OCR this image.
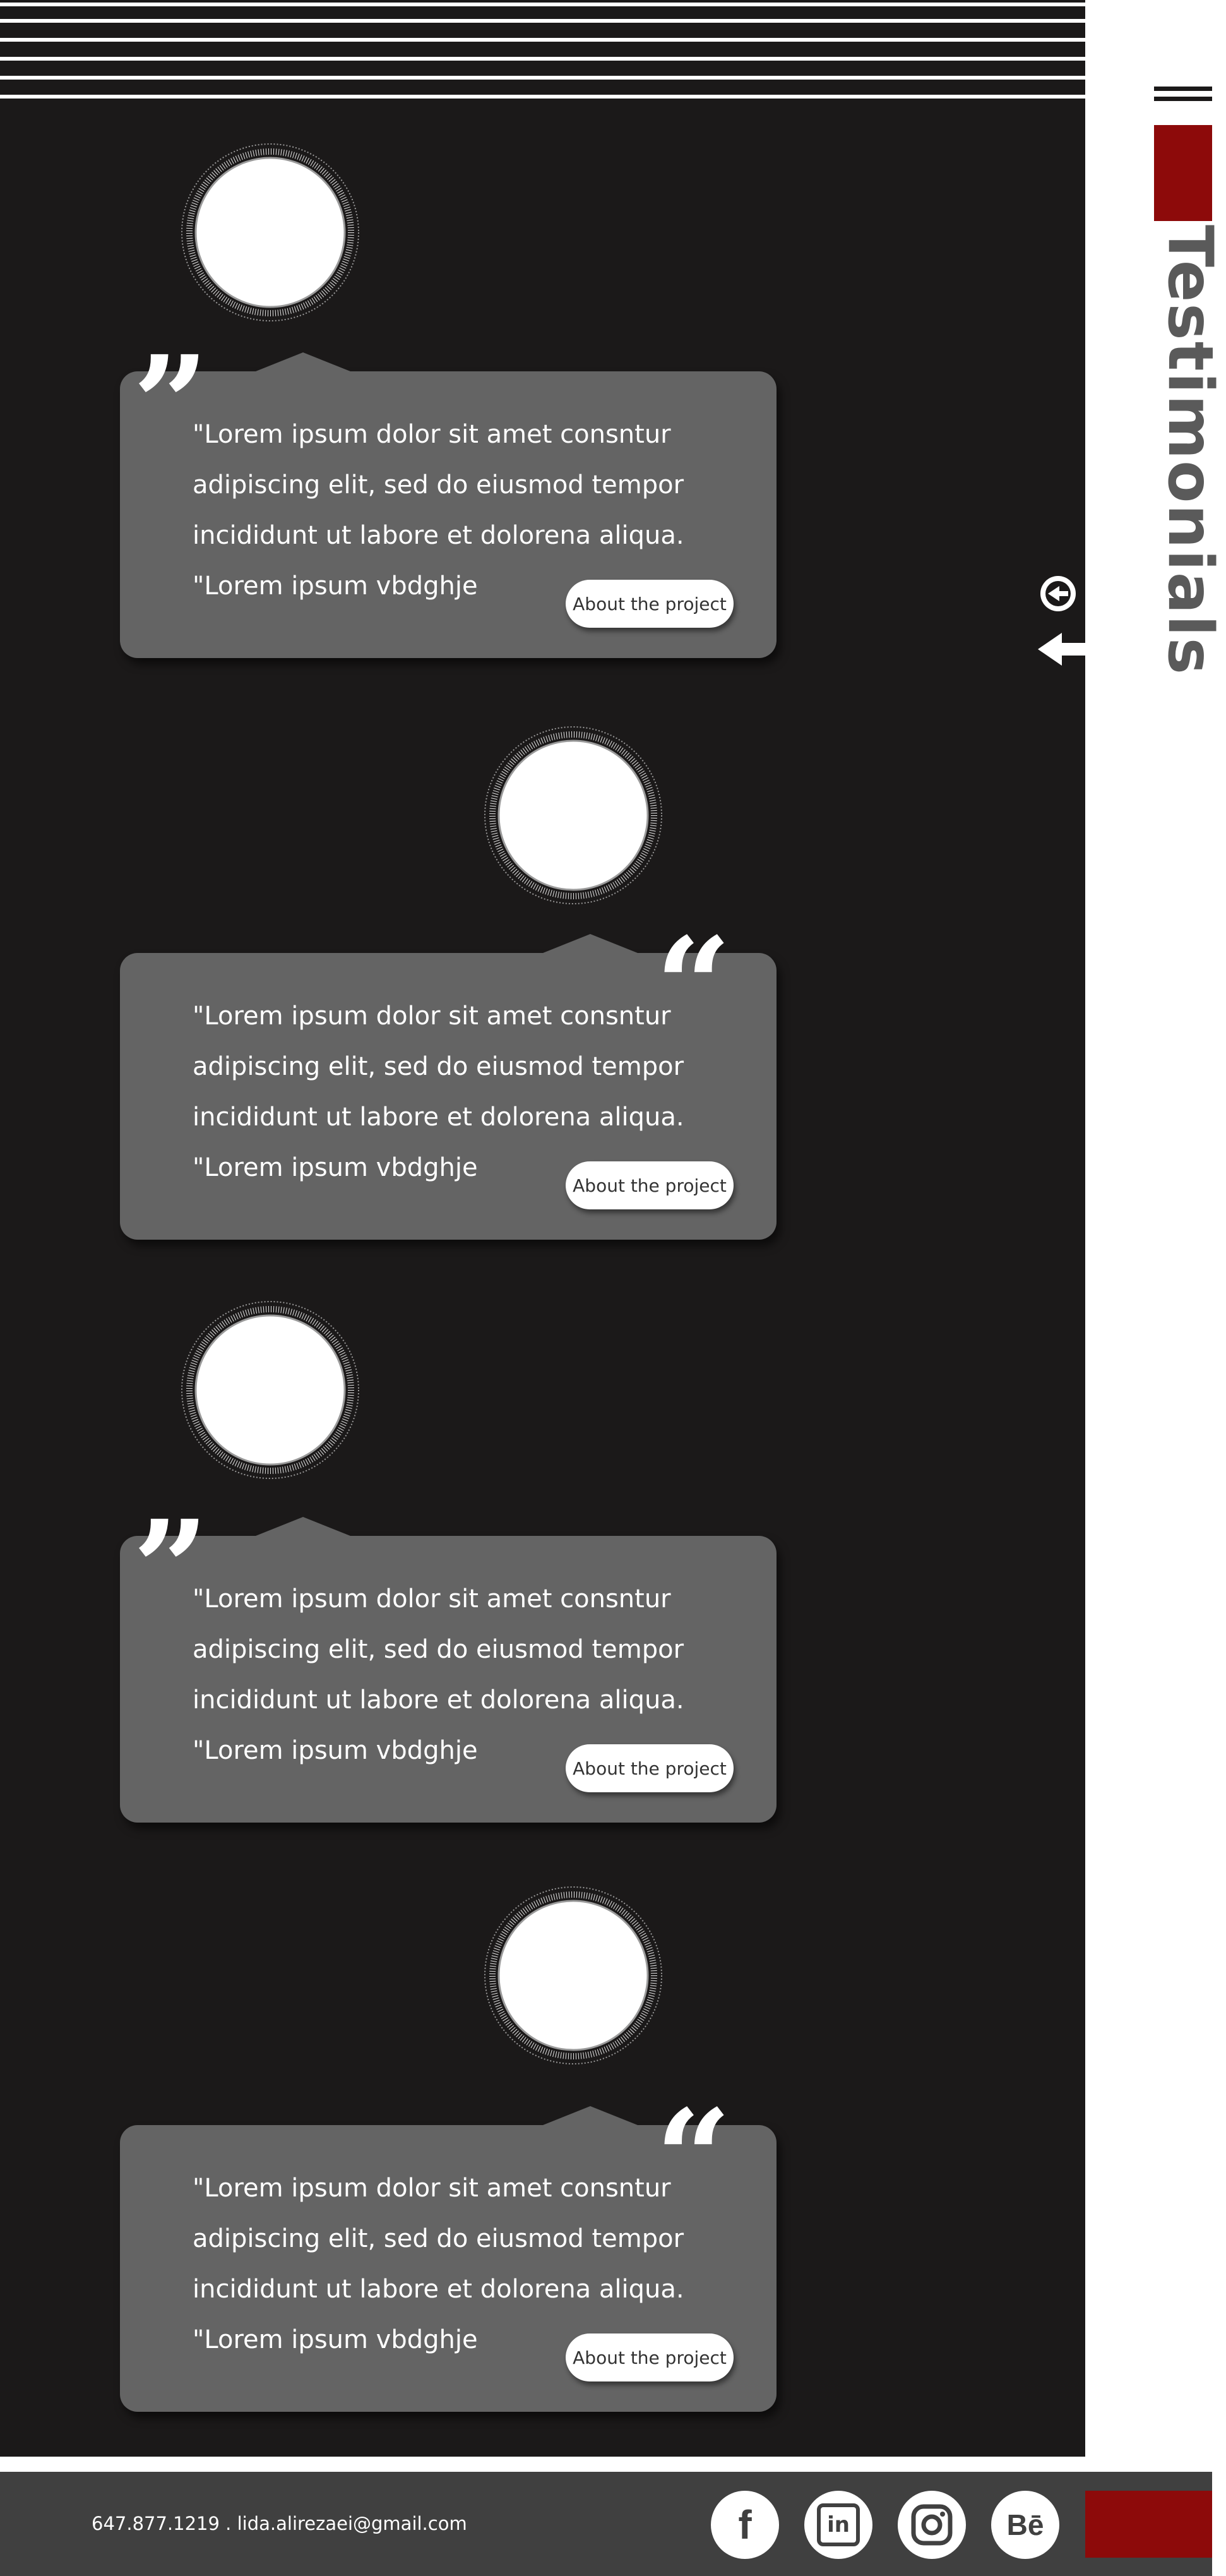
”
"Lorem ipsum dolor sit amet consntur adipiscing elit, sed do eiusmod tempor incididunt ut labore et dolorena aliqua. "Lorem ipsum vbdghje
About the project
“
"Lorem ipsum dolor sit amet consntur adipiscing elit, sed do eiusmod tempor incididunt ut labore et dolorena aliqua. "Lorem ipsum vbdghje
About the project
”
"Lorem ipsum dolor sit amet consntur adipiscing elit, sed do eiusmod tempor incididunt ut labore et dolorena aliqua. "Lorem ipsum vbdghje
About the project
“
"Lorem ipsum dolor sit amet consntur adipiscing elit, sed do eiusmod tempor incididunt ut labore et dolorena aliqua. "Lorem ipsum vbdghje
About the project
Testimonials
647.877.1219 . lida.alirezaei@gmail.com	f	in	Bē
